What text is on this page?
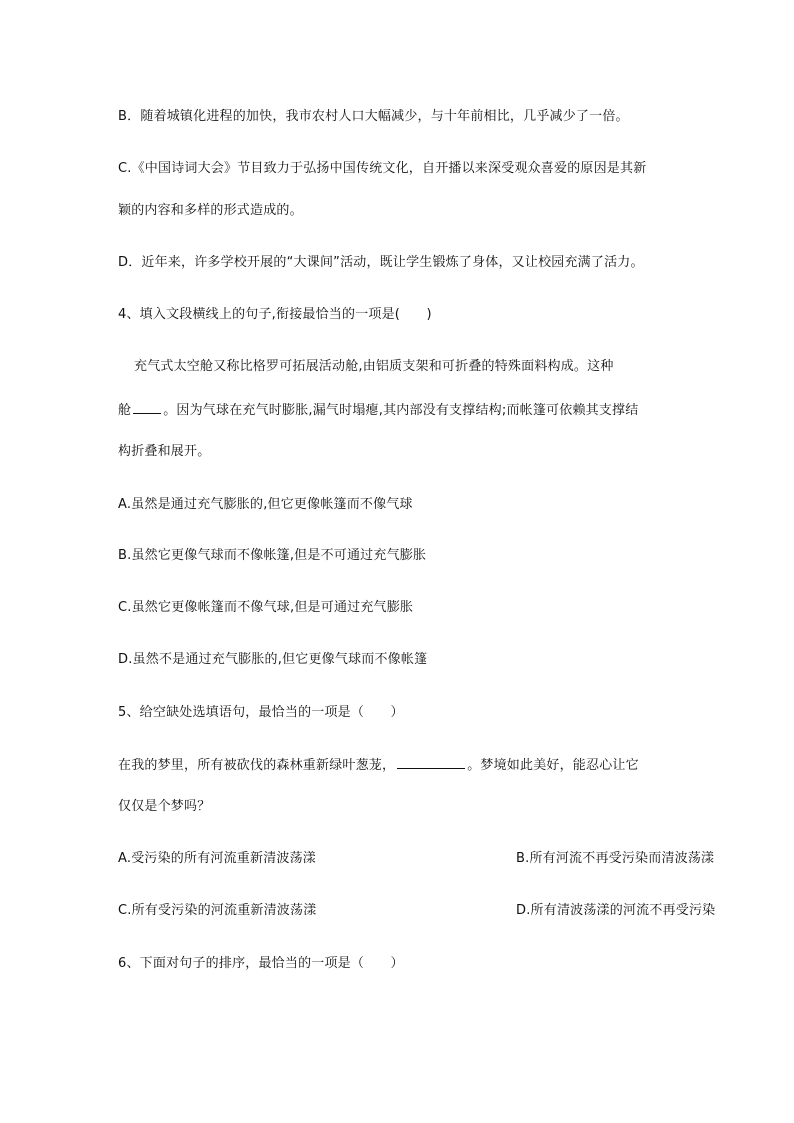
B．随着城镇化进程的加快，我市农村人口大幅减少，与十年前相比，几乎减少了一倍。
C.《中国诗词大会》节目致力于弘扬中国传统文化，自开播以来深受观众喜爱的原因是其新
颖的内容和多样的形式造成的。
D．近年来，许多学校开展的“大课间”活动，既让学生锻炼了身体，又让校园充满了活力。
4、填入文段横线上的句子,衔接最恰当的一项是(　　)
充气式太空舱又称比格罗可拓展活动舱,由铝质支架和可折叠的特殊面料构成。这种
舱 。因为气球在充气时膨胀,漏气时塌瘪,其内部没有支撑结构;而帐篷可依赖其支撑结
构折叠和展开。
A.虽然是通过充气膨胀的,但它更像帐篷而不像气球
B.虽然它更像气球而不像帐篷,但是不可通过充气膨胀
C.虽然它更像帐篷而不像气球,但是可通过充气膨胀
D.虽然不是通过充气膨胀的,但它更像气球而不像帐篷
5、给空缺处选填语句，最恰当的一项是（　　）
在我的梦里，所有被砍伐的森林重新绿叶葱茏，	。梦境如此美好，能忍心让它
仅仅是个梦吗？
A.受污染的所有河流重新清波荡漾	B.所有河流不再受污染而清波荡漾
C.所有受污染的河流重新清波荡漾	D.所有清波荡漾的河流不再受污染
6、下面对句子的排序，最恰当的一项是（　　）
